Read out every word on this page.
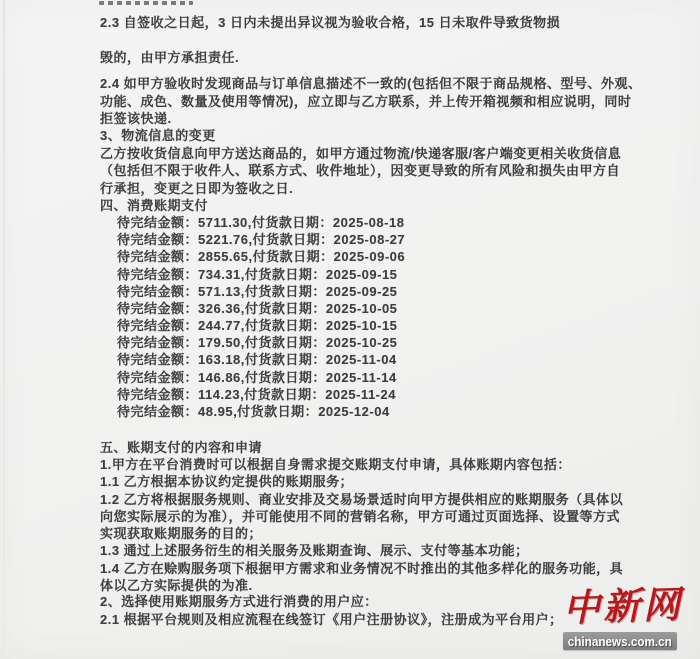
2.3 自签收之日起，3 日内未提出异议视为验收合格，15 日未取件导致货物损
毁的，由甲方承担责任.
2.4 如甲方验收时发现商品与订单信息描述不一致的(包括但不限于商品规格、型号、外观、
功能、成色、数量及使用等情况)，应立即与乙方联系，并上传开箱视频和相应说明，同时
拒签该快递.
3、物流信息的变更
乙方按收货信息向甲方送达商品的，如甲方通过物流/快递客服/客户端变更相关收货信息
（包括但不限于收件人、联系方式、收件地址），因变更导致的所有风险和损失由甲方自
行承担，变更之日即为签收之日.
四、消费账期支付
待完结金额：5711.30,付货款日期：2025-08-18
待完结金额：5221.76,付货款日期：2025-08-27
待完结金额：2855.65,付货款日期：2025-09-06
待完结金额：734.31,付货款日期：2025-09-15
待完结金额：571.13,付货款日期：2025-09-25
待完结金额：326.36,付货款日期：2025-10-05
待完结金额：244.77,付货款日期：2025-10-15
待完结金额：179.50,付货款日期：2025-10-25
待完结金额：163.18,付货款日期：2025-11-04
待完结金额：146.86,付货款日期：2025-11-14
待完结金额：114.23,付货款日期：2025-11-24
待完结金额：48.95,付货款日期：2025-12-04
五、账期支付的内容和申请
1.甲方在平台消费时可以根据自身需求提交账期支付申请，具体账期内容包括：
1.1 乙方根据本协议约定提供的账期服务；
1.2 乙方将根据服务规则、商业安排及交易场景适时向甲方提供相应的账期服务（具体以
向您实际展示的为准），并可能使用不同的营销名称，甲方可通过页面选择、设置等方式
实现获取账期服务的目的；
1.3 通过上述服务衍生的相关服务及账期查询、展示、支付等基本功能；
1.4 乙方在赊购服务项下根据甲方需求和业务情况不时推出的其他多样化的服务功能，具
体以乙方实际提供的为准.
2、选择使用账期服务方式进行消费的用户应：
2.1 根据平台规则及相应流程在线签订《用户注册协议》，注册成为平台用户； 中新网
chinanews.com.cn
